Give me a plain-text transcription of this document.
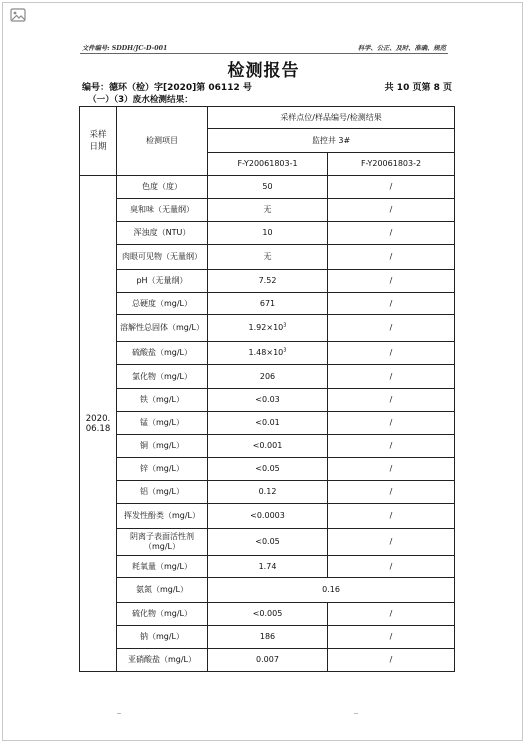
文件编号: SDDH/JC-D-001	科学、公正、及时、准确、规范
检测报告
编号：德环（检）字[2020]第 06112 号	共 10 页第 8 页
（一）（3）废水检测结果：
采样日期	检测项目	采样点位/样品编号/检测结果	
		监控井 3#	
		F-Y20061803-1	F-Y20061803-2

2020.06.18	色度（度）	50	/
	臭和味（无量纲）	无	/
	浑浊度（NTU）	10	/
	肉眼可见物（无量纲）	无	/
	pH（无量纲）	7.52	/
	总硬度（mg/L）	671	/
	溶解性总固体（mg/L）	$1.92\times 10^3$	/
	硫酸盐（mg/L）	$1.48\times 10^3$	/
	氯化物（mg/L）	206	/
	铁（mg/L）	<0.03	/
	锰（mg/L）	<0.01	/
	铜（mg/L）	<0.001	/
	锌（mg/L）	<0.05	/
	铝（mg/L）	0.12	/
	挥发性酚类（mg/L）	<0.0003	/
	阴离子表面活性剂（mg/L）	<0.05	/
	耗氧量（mg/L）	1.74	/
	氨氮（mg/L）	0.16	
	硫化物（mg/L）	<0.005	/
	钠（mg/L）	186	/
	亚硝酸盐（mg/L）	0.007	/
